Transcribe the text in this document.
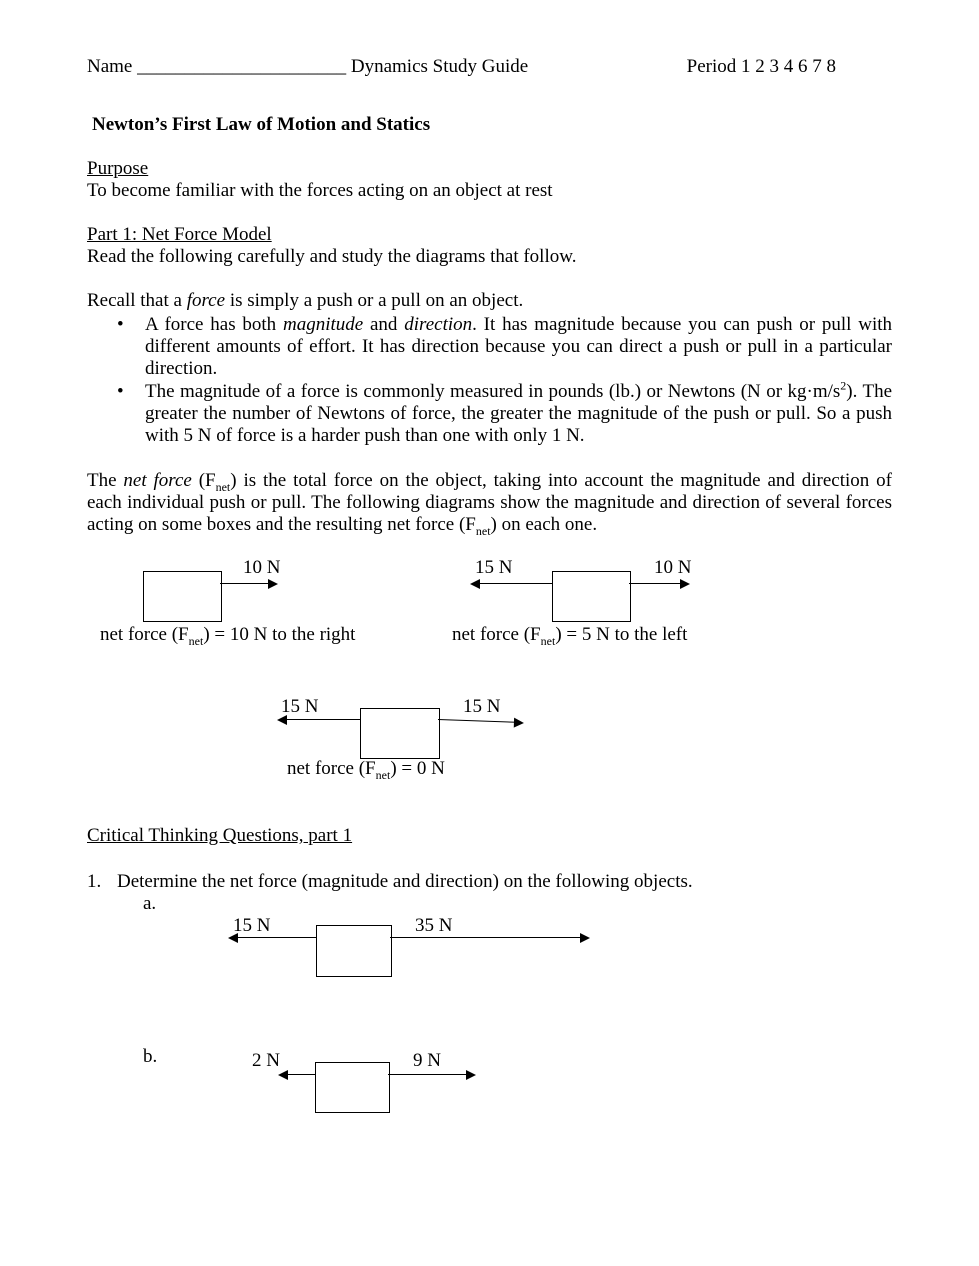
Name ______________________ Dynamics Study Guide	Period 1 2 3 4 6 7 8
Newton’s First Law of Motion and Statics
Purpose
To become familiar with the forces acting on an object at rest
Part 1: Net Force Model
Read the following carefully and study the diagrams that follow.
Recall that a force is simply a push or a pull on an object.
•	A force has both magnitude and direction. It has magnitude because you can push or pull with different amounts of effort. It has direction because you can direct a push or pull in a particular direction.
•	The magnitude of a force is commonly measured in pounds (lb.) or Newtons (N or $kg\cdot m/s^2$). The greater the number of Newtons of force, the greater the magnitude of the push or pull. So a push with 5 N of force is a harder push than one with only 1 N.
The net force $(F_{net})$ is the total force on the object, taking into account the magnitude and direction of each individual push or pull. The following diagrams show the magnitude and direction of several forces acting on some boxes and the resulting net force $(F_{net})$ on each one.
10 N
net force $(F_{net}) = 10$ N to the right
15 N	10 N
net force $(F_{net}) = 5$ N to the left
15 N	15 N
net force $(F_{net}) = 0$ N
Critical Thinking Questions, part 1
1. Determine the net force (magnitude and direction) on the following objects.
a.
15 N	35 N
b.	2 N	9 N
